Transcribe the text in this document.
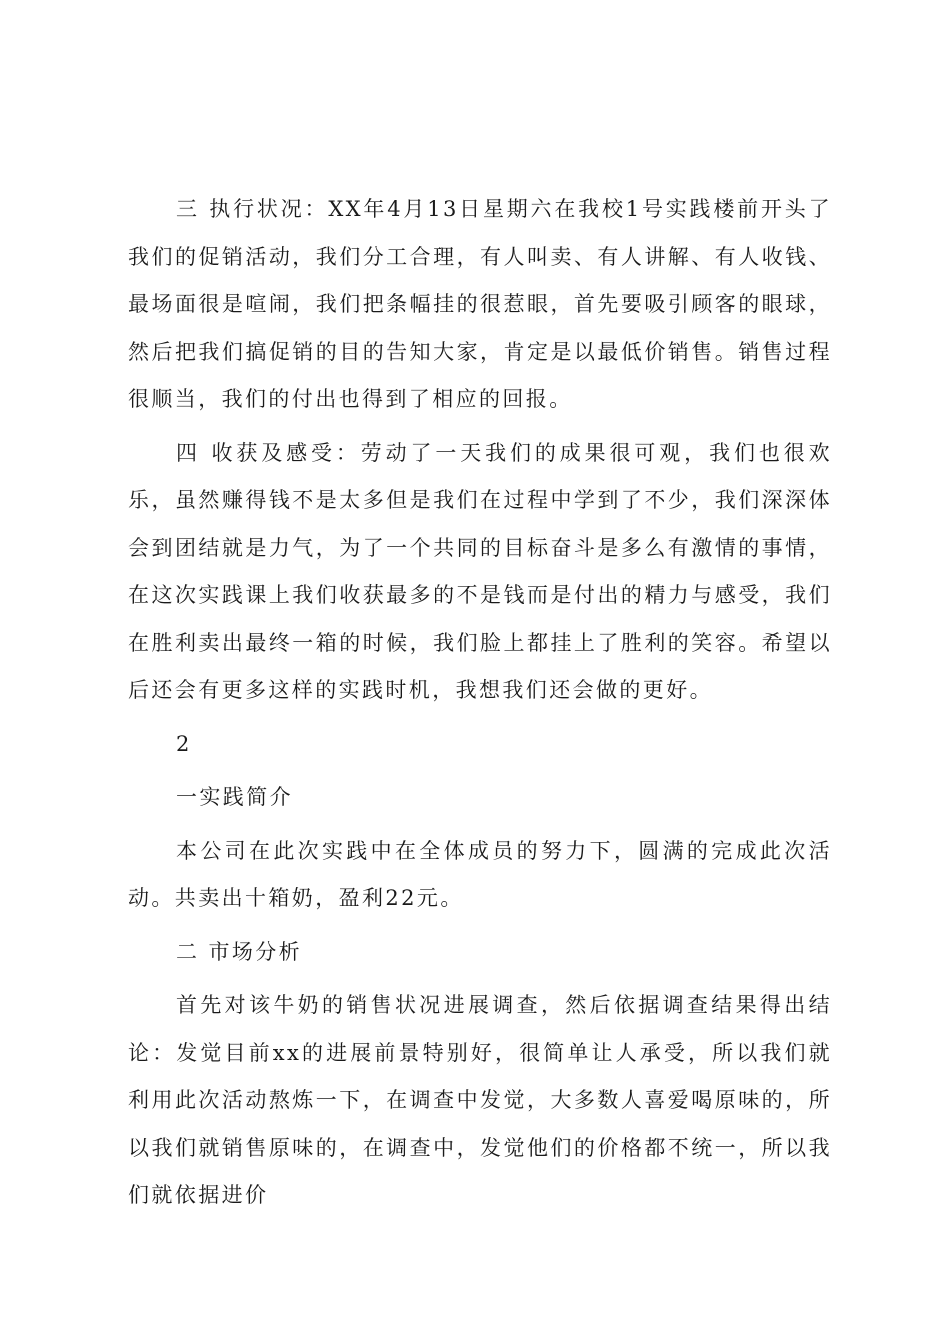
三 执行状况：XX年4月13日星期六在我校1号实践楼前开头了我们的促销活动，我们分工合理，有人叫卖、有人讲解、有人收钱、最场面很是喧闹，我们把条幅挂的很惹眼，首先要吸引顾客的眼球，然后把我们搞促销的目的告知大家，肯定是以最低价销售。销售过程很顺当，我们的付出也得到了相应的回报。

四 收获及感受：劳动了一天我们的成果很可观，我们也很欢乐，虽然赚得钱不是太多但是我们在过程中学到了不少，我们深深体会到团结就是力气，为了一个共同的目标奋斗是多么有激情的事情，在这次实践课上我们收获最多的不是钱而是付出的精力与感受，我们在胜利卖出最终一箱的时候，我们脸上都挂上了胜利的笑容。希望以后还会有更多这样的实践时机，我想我们还会做的更好。

2

一实践简介

本公司在此次实践中在全体成员的努力下，圆满的完成此次活动。共卖出十箱奶，盈利22元。

二 市场分析

首先对该牛奶的销售状况进展调查，然后依据调查结果得出结论：发觉目前xx的进展前景特别好，很简单让人承受，所以我们就利用此次活动熬炼一下，在调查中发觉，大多数人喜爱喝原味的，所以我们就销售原味的，在调查中，发觉他们的价格都不统一，所以我们就依据进价
